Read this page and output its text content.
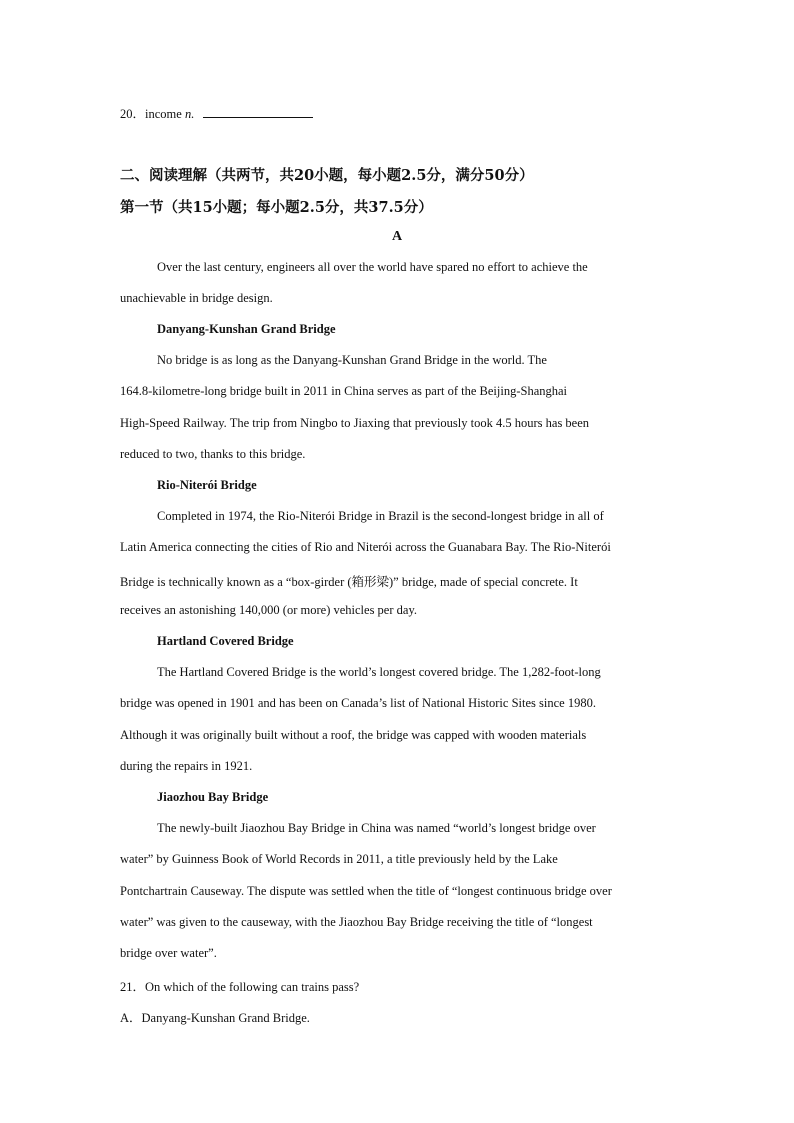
20．income n.
二、阅读理解（共两节，共20小题，每小题2.5分，满分50分）
第一节（共15小题；每小题2.5分，共37.5分）
A
Over the last century, engineers all over the world have spared no effort to achieve the
unachievable in bridge design.
Danyang-Kunshan Grand Bridge
No bridge is as long as the Danyang-Kunshan Grand Bridge in the world. The
164.8-kilometre-long bridge built in 2011 in China serves as part of the Beijing-Shanghai
High-Speed Railway. The trip from Ningbo to Jiaxing that previously took 4.5 hours has been
reduced to two, thanks to this bridge.
Rio-Niterói Bridge
Completed in 1974, the Rio-Niterói Bridge in Brazil is the second-longest bridge in all of
Latin America connecting the cities of Rio and Niterói across the Guanabara Bay. The Rio-Niterói
Bridge is technically known as a “box-girder (箱形梁)” bridge, made of special concrete. It
receives an astonishing 140,000 (or more) vehicles per day.
Hartland Covered Bridge
The Hartland Covered Bridge is the world’s longest covered bridge. The 1,282-foot-long
bridge was opened in 1901 and has been on Canada’s list of National Historic Sites since 1980.
Although it was originally built without a roof, the bridge was capped with wooden materials
during the repairs in 1921.
Jiaozhou Bay Bridge
The newly-built Jiaozhou Bay Bridge in China was named “world’s longest bridge over
water” by Guinness Book of World Records in 2011, a title previously held by the Lake
Pontchartrain Causeway. The dispute was settled when the title of “longest continuous bridge over
water” was given to the causeway, with the Jiaozhou Bay Bridge receiving the title of “longest
bridge over water”.
21．On which of the following can trains pass?
A．Danyang-Kunshan Grand Bridge.
